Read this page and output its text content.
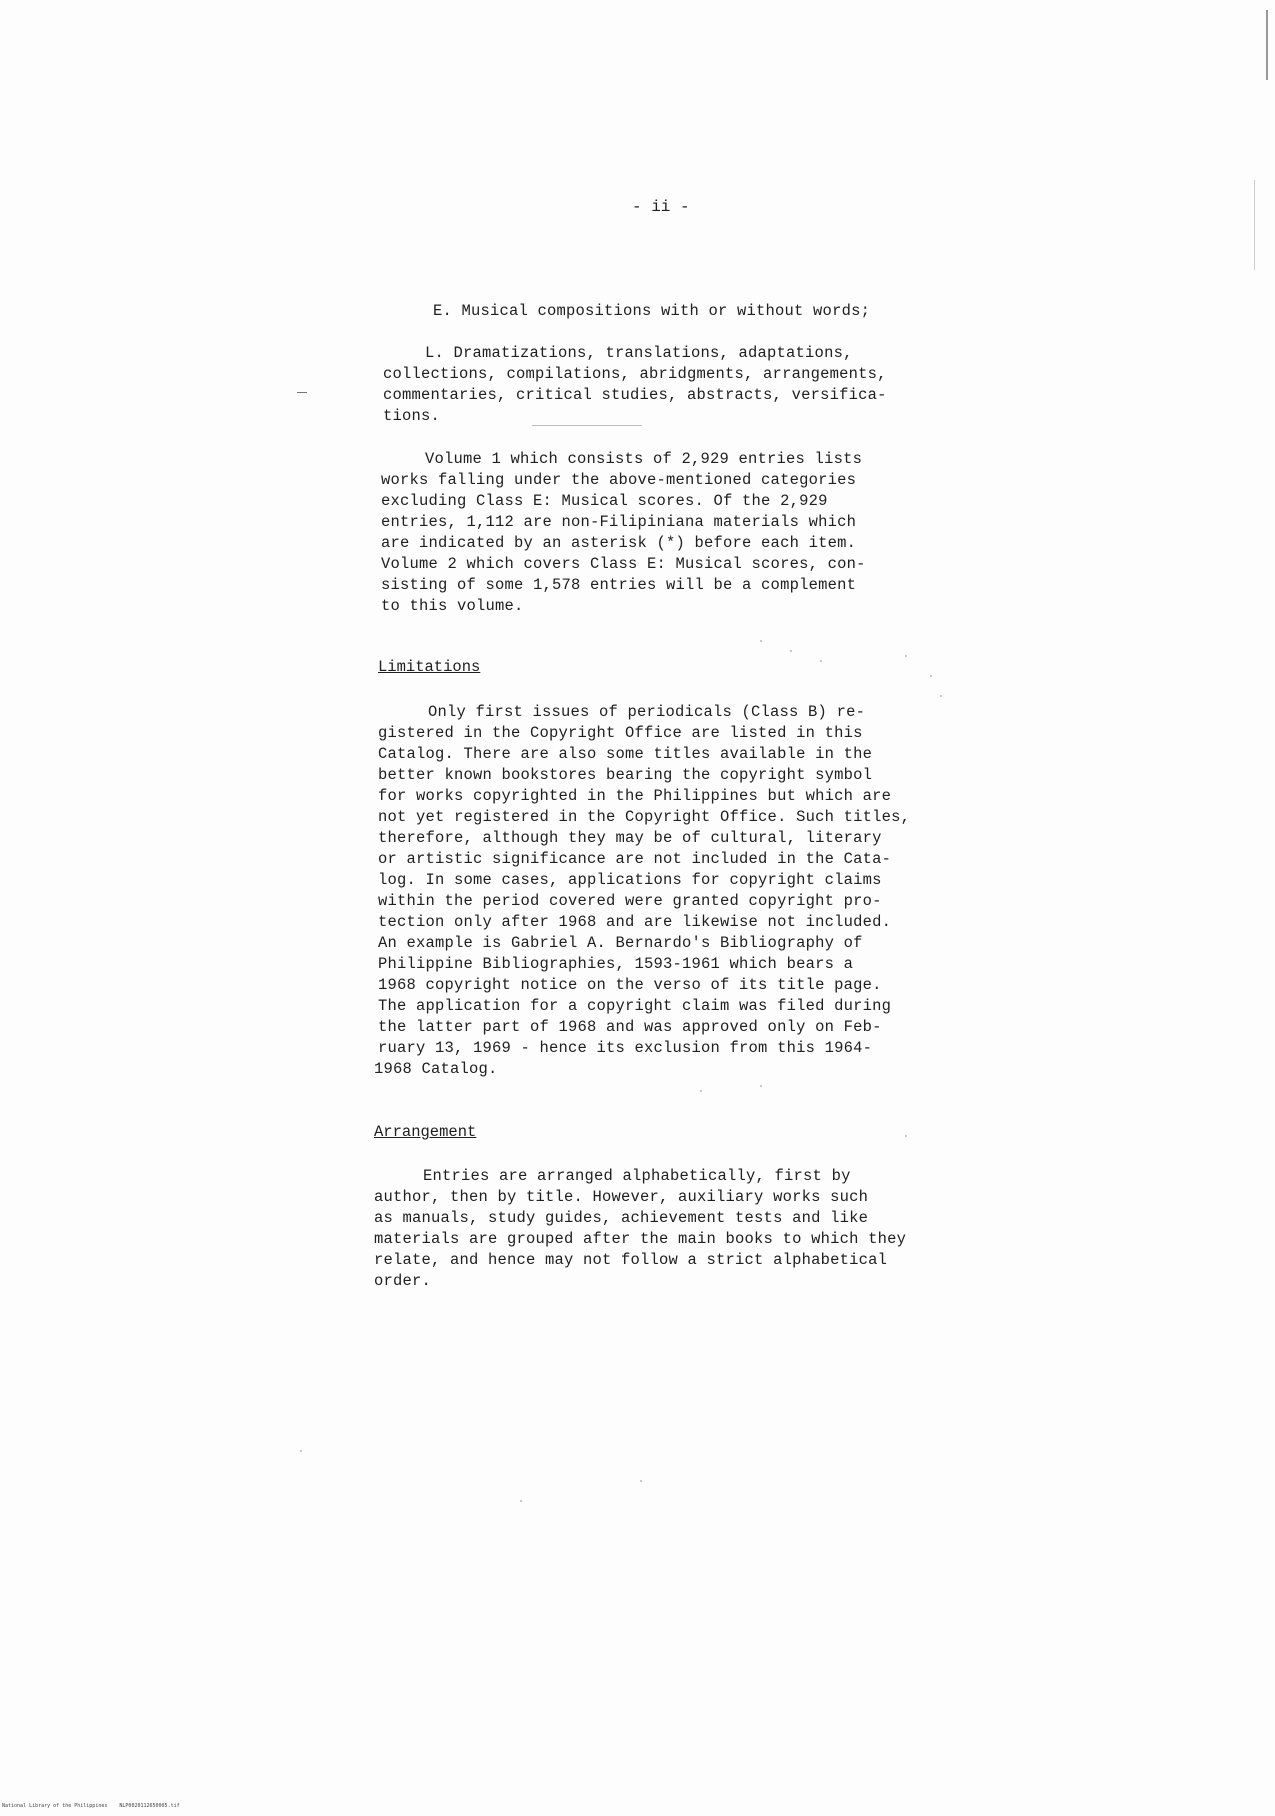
- ii -
E. Musical compositions with or without words;
L. Dramatizations, translations, adaptations,
collections, compilations, abridgments, arrangements,
commentaries, critical studies, abstracts, versifica-
tions.
Volume 1 which consists of 2,929 entries lists
works falling under the above-mentioned categories
excluding Class E: Musical scores. Of the 2,929
entries, 1,112 are non-Filipiniana materials which
are indicated by an asterisk (*) before each item.
Volume 2 which covers Class E: Musical scores, con-
sisting of some 1,578 entries will be a complement
to this volume.
Limitations
Only first issues of periodicals (Class B) re-
gistered in the Copyright Office are listed in this
Catalog. There are also some titles available in the
better known bookstores bearing the copyright symbol
for works copyrighted in the Philippines but which are
not yet registered in the Copyright Office. Such titles,
therefore, although they may be of cultural, literary
or artistic significance are not included in the Cata-
log. In some cases, applications for copyright claims
within the period covered were granted copyright pro-
tection only after 1968 and are likewise not included.
An example is Gabriel A. Bernardo's Bibliography of
Philippine Bibliographies, 1593-1961 which bears a
1968 copyright notice on the verso of its title page.
The application for a copyright claim was filed during
the latter part of 1968 and was approved only on Feb-
ruary 13, 1969 - hence its exclusion from this 1964-
1968 Catalog.
Arrangement
Entries are arranged alphabetically, first by
author, then by title. However, auxiliary works such
as manuals, study guides, achievement tests and like
materials are grouped after the main books to which they
relate, and hence may not follow a strict alphabetical
order.
National Library of the Philippines    NLP0020112650005.tif
